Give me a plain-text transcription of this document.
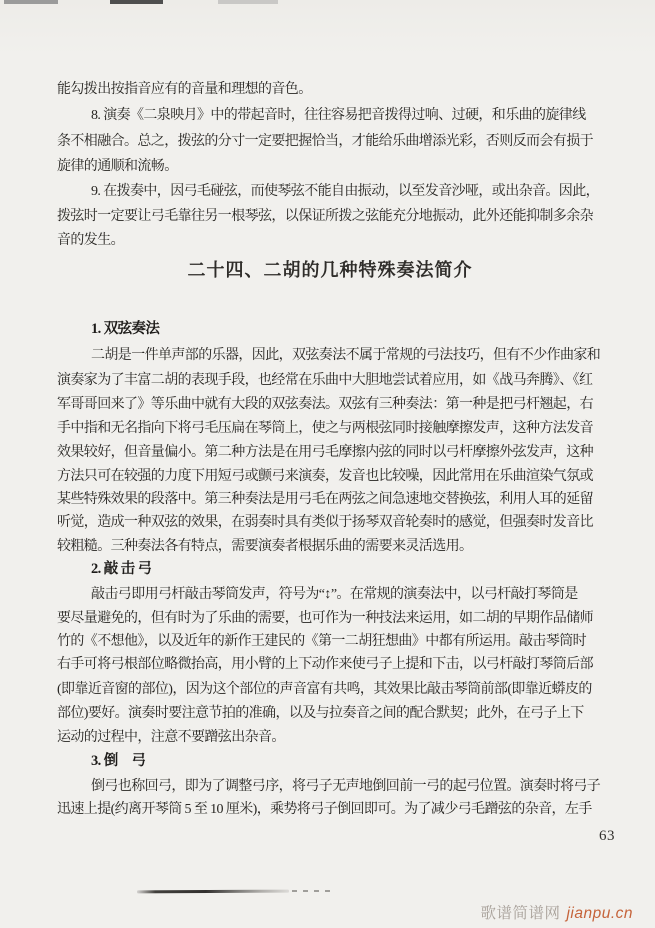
能勾拨出按指音应有的音量和理想的音色。
8. 演奏《二泉映月》中的带起音时，往往容易把音拨得过响、过硬，和乐曲的旋律线
条不相融合。总之，拨弦的分寸一定要把握恰当，才能给乐曲增添光彩，否则反而会有损于
旋律的通顺和流畅。
9. 在拨奏中，因弓毛碰弦，而使琴弦不能自由振动，以至发音沙哑，或出杂音。因此，
拨弦时一定要让弓毛靠往另一根琴弦，以保证所拨之弦能充分地振动，此外还能抑制多余杂
音的发生。
二十四、二胡的几种特殊奏法简介
1. 双弦奏法
二胡是一件单声部的乐器，因此，双弦奏法不属于常规的弓法技巧，但有不少作曲家和
演奏家为了丰富二胡的表现手段，也经常在乐曲中大胆地尝试着应用，如《战马奔腾》、《红
军哥哥回来了》等乐曲中就有大段的双弦奏法。双弦有三种奏法：第一种是把弓杆翘起，右
手中指和无名指向下将弓毛压扁在琴筒上，使之与两根弦同时接触摩擦发声，这种方法发音
效果较好，但音量偏小。第二种方法是在用弓毛摩擦内弦的同时以弓杆摩擦外弦发声，这种
方法只可在较强的力度下用短弓或颤弓来演奏，发音也比较噪，因此常用在乐曲渲染气氛或
某些特殊效果的段落中。第三种奏法是用弓毛在两弦之间急速地交替换弦，利用人耳的延留
听觉，造成一种双弦的效果，在弱奏时具有类似于扬琴双音轮奏时的感觉，但强奏时发音比
较粗糙。三种奏法各有特点，需要演奏者根据乐曲的需要来灵活选用。
2. 敲 击 弓
敲击弓即用弓杆敲击琴筒发声，符号为“↕”。在常规的演奏法中，以弓杆敲打琴筒是
要尽量避免的，但有时为了乐曲的需要，也可作为一种技法来运用，如二胡的早期作品储师
竹的《不想他》，以及近年的新作王建民的《第一二胡狂想曲》中都有所运用。敲击琴筒时
右手可将弓根部位略微抬高，用小臂的上下动作来使弓子上提和下击，以弓杆敲打琴筒后部
(即靠近音窗的部位)，因为这个部位的声音富有共鸣，其效果比敲击琴筒前部(即靠近蟒皮的
部位)要好。演奏时要注意节拍的准确，以及与拉奏音之间的配合默契；此外，在弓子上下
运动的过程中，注意不要蹭弦出杂音。
3. 倒　弓
倒弓也称回弓，即为了调整弓序，将弓子无声地倒回前一弓的起弓位置。演奏时将弓子
迅速上提(约离开琴筒 5 至 10 厘米)，乘势将弓子倒回即可。为了减少弓毛蹭弦的杂音，左手
63
歌谱简谱网 jianpu.cn
